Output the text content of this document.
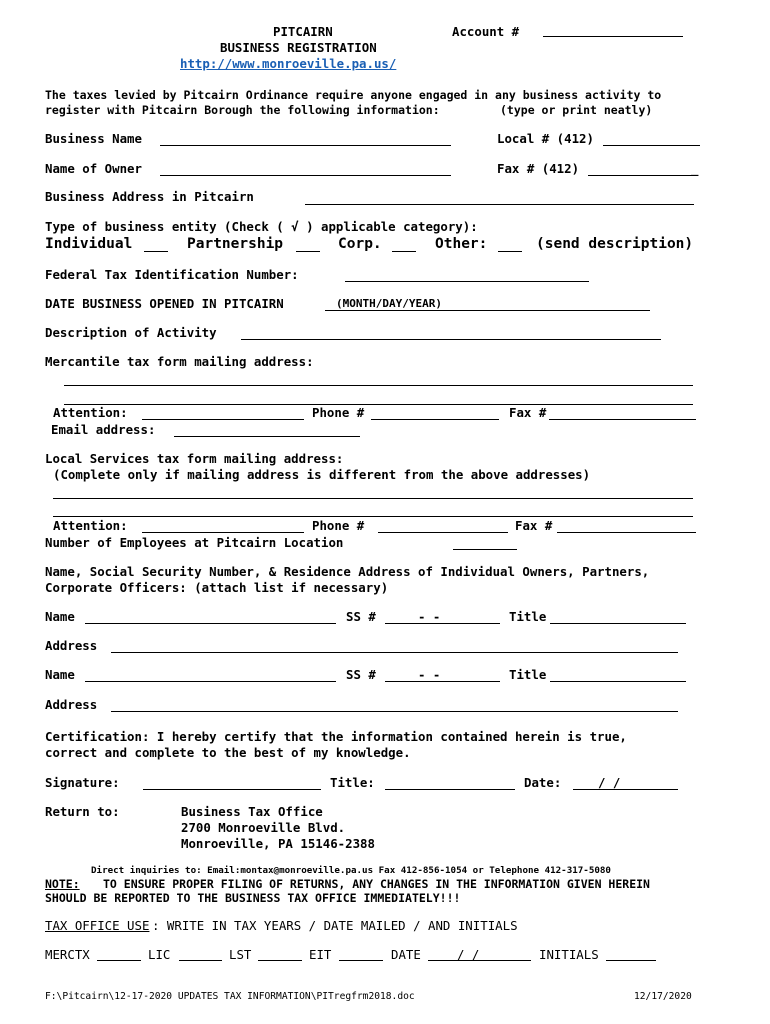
PITCAIRN
BUSINESS REGISTRATION
http://www.monroeville.pa.us/
Account #
The taxes levied by Pitcairn Ordinance require anyone engaged in any business activity to
register with Pitcairn Borough the following information:	(type or print neatly)
Business Name	Local # (412)
Name of Owner	Fax # (412)	_
Business Address in Pitcairn
Type of business entity (Check ( √ ) applicable category):
Individual	Partnership	Corp.	Other:	(send description)
Federal Tax Identification Number:
DATE BUSINESS OPENED IN PITCAIRN	(MONTH/DAY/YEAR)
Description of Activity
Mercantile tax form mailing address:
Attention:	Phone #	Fax #
Email address:
Local Services tax form mailing address:
(Complete only if mailing address is different from the above addresses)
Attention:	Phone #	Fax #
Number of Employees at Pitcairn Location
Name, Social Security Number, & Residence Address of Individual Owners, Partners,
Corporate Officers: (attach list if necessary)
Name	SS #	- -	Title
Address
Name	SS #	- -	Title
Address
Certification: I hereby certify that the information contained herein is true,
correct and complete to the best of my knowledge.
Signature:	Title:	Date:	/ /
Return to:	Business Tax Office
2700 Monroeville Blvd.
Monroeville, PA 15146-2388
Direct inquiries to: Email:montax@monroeville.pa.us Fax 412-856-1054 or Telephone 412-317-5080
NOTE: TO ENSURE PROPER FILING OF RETURNS, ANY CHANGES IN THE INFORMATION GIVEN HEREIN
SHOULD BE REPORTED TO THE BUSINESS TAX OFFICE IMMEDIATELY!!!
TAX OFFICE USE : WRITE IN TAX YEARS / DATE MAILED / AND INITIALS
MERCTX	LIC	LST	EIT	DATE	/ /	INITIALS
F:\Pitcairn\12-17-2020 UPDATES TAX INFORMATION\PITregfrm2018.doc	12/17/2020
